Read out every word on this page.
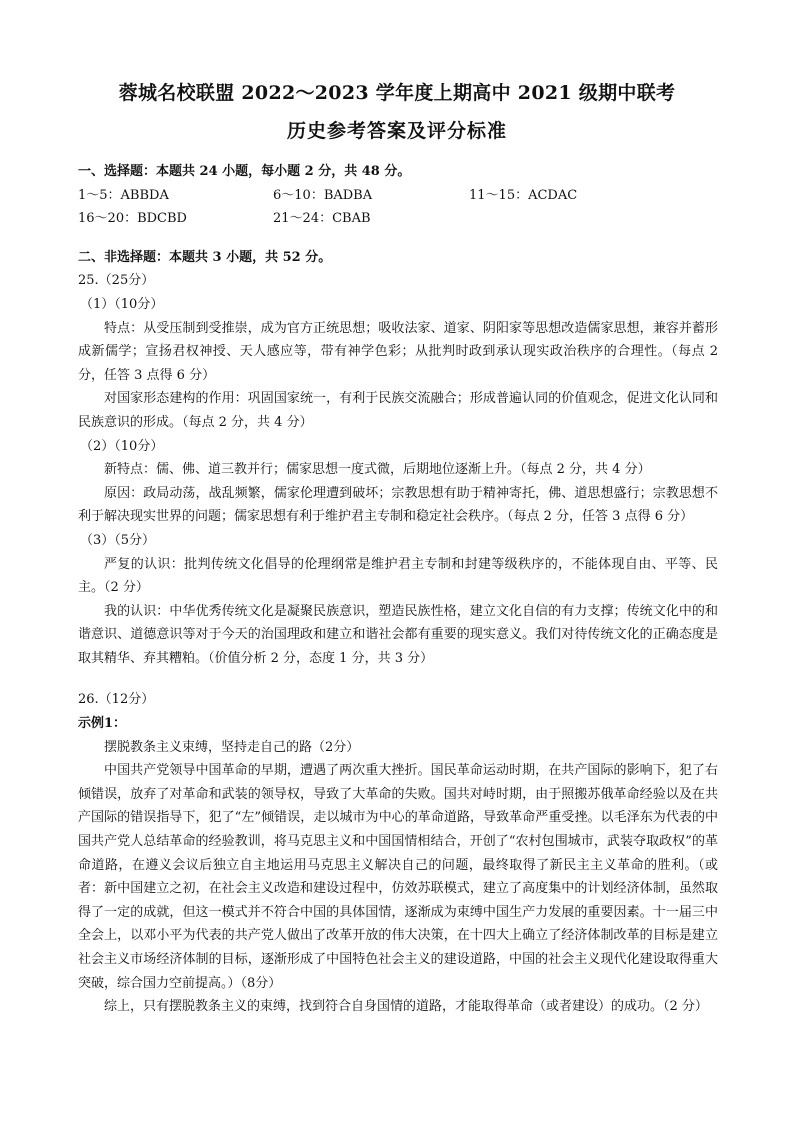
蓉城名校联盟 2022～2023 学年度上期高中 2021 级期中联考
历史参考答案及评分标准
一、选择题：本题共 24 小题，每小题 2 分，共 48 分。
1～5：ABBDA	6～10：BADBA	11～15：ACDAC
16～20：BDCBD	21～24：CBAB
二、非选择题：本题共 3 小题，共 52 分。
25.（25分）
（1）（10分）
特点：从受压制到受推崇，成为官方正统思想；吸收法家、道家、阴阳家等思想改造儒家思想，兼容并蓄形成新儒学；宣扬君权神授、天人感应等，带有神学色彩；从批判时政到承认现实政治秩序的合理性。（每点 2 分，任答 3 点得 6 分）
对国家形态建构的作用：巩固国家统一，有利于民族交流融合；形成普遍认同的价值观念，促进文化认同和民族意识的形成。（每点 2 分，共 4 分）
（2）（10分）
新特点：儒、佛、道三教并行；儒家思想一度式微，后期地位逐渐上升。（每点 2 分，共 4 分）
原因：政局动荡，战乱频繁，儒家伦理遭到破坏；宗教思想有助于精神寄托，佛、道思想盛行；宗教思想不利于解决现实世界的问题；儒家思想有利于维护君主专制和稳定社会秩序。（每点 2 分，任答 3 点得 6 分）
（3）（5分）
严复的认识：批判传统文化倡导的伦理纲常是维护君主专制和封建等级秩序的，不能体现自由、平等、民主。（2 分）
我的认识：中华优秀传统文化是凝聚民族意识，塑造民族性格，建立文化自信的有力支撑；传统文化中的和谐意识、道德意识等对于今天的治国理政和建立和谐社会都有重要的现实意义。我们对待传统文化的正确态度是取其精华、弃其糟粕。（价值分析 2 分，态度 1 分，共 3 分）
26.（12分）
示例1：
摆脱教条主义束缚，坚持走自己的路（2分）
中国共产党领导中国革命的早期，遭遇了两次重大挫折。国民革命运动时期，在共产国际的影响下，犯了右倾错误，放弃了对革命和武装的领导权，导致了大革命的失败。国共对峙时期，由于照搬苏俄革命经验以及在共产国际的错误指导下，犯了“左”倾错误，走以城市为中心的革命道路，导致革命严重受挫。以毛泽东为代表的中国共产党人总结革命的经验教训，将马克思主义和中国国情相结合，开创了“农村包围城市，武装夺取政权”的革命道路，在遵义会议后独立自主地运用马克思主义解决自己的问题，最终取得了新民主主义革命的胜利。（或者：新中国建立之初，在社会主义改造和建设过程中，仿效苏联模式，建立了高度集中的计划经济体制，虽然取得了一定的成就，但这一模式并不符合中国的具体国情，逐渐成为束缚中国生产力发展的重要因素。十一届三中全会上，以邓小平为代表的共产党人做出了改革开放的伟大决策，在十四大上确立了经济体制改革的目标是建立社会主义市场经济体制的目标，逐渐形成了中国特色社会主义的建设道路，中国的社会主义现代化建设取得重大突破，综合国力空前提高。）（8分）
综上，只有摆脱教条主义的束缚，找到符合自身国情的道路，才能取得革命（或者建设）的成功。（2 分）
